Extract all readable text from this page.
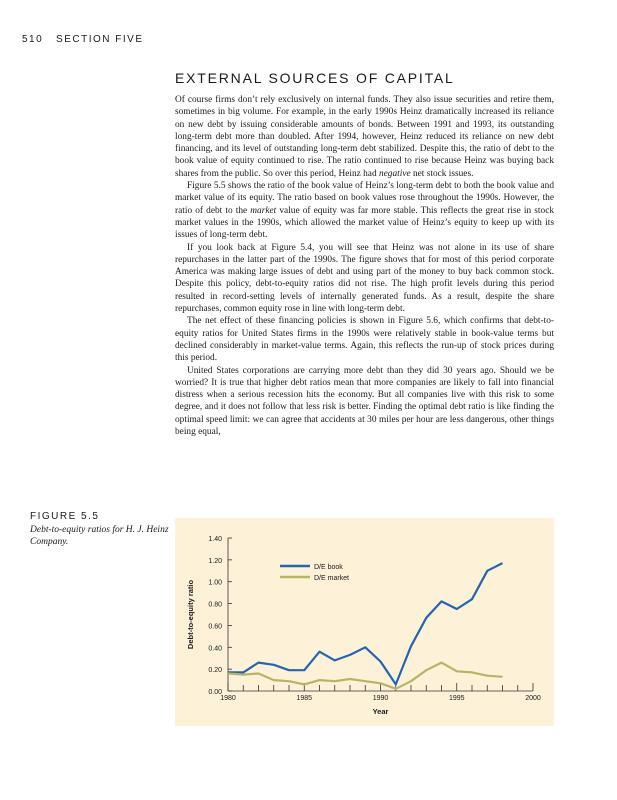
510 SECTION FIVE
EXTERNAL SOURCES OF CAPITAL

Of course firms don’t rely exclusively on internal funds. They also issue securities and retire them, sometimes in big volume. For example, in the early 1990s Heinz dramatically increased its reliance on new debt by issuing considerable amounts of bonds. Between 1991 and 1993, its outstanding long-term debt more than doubled. After 1994, however, Heinz reduced its reliance on new debt financing, and its level of outstanding long-term debt stabilized. Despite this, the ratio of debt to the book value of equity continued to rise. The ratio continued to rise because Heinz was buying back shares from the public. So over this period, Heinz had negative net stock issues.

Figure 5.5 shows the ratio of the book value of Heinz’s long-term debt to both the book value and market value of its equity. The ratio based on book values rose throughout the 1990s. However, the ratio of debt to the market value of equity was far more stable. This reflects the great rise in stock market values in the 1990s, which allowed the market value of Heinz’s equity to keep up with its issues of long-term debt.

If you look back at Figure 5.4, you will see that Heinz was not alone in its use of share repurchases in the latter part of the 1990s. The figure shows that for most of this period corporate America was making large issues of debt and using part of the money to buy back common stock. Despite this policy, debt-to-equity ratios did not rise. The high profit levels during this period resulted in record-setting levels of internally generated funds. As a result, despite the share repurchases, common equity rose in line with long-term debt.

The net effect of these financing policies is shown in Figure 5.6, which confirms that debt-to-equity ratios for United States firms in the 1990s were relatively stable in book-value terms but declined considerably in market-value terms. Again, this reflects the run-up of stock prices during this period.

United States corporations are carrying more debt than they did 30 years ago. Should we be worried? It is true that higher debt ratios mean that more companies are likely to fall into financial distress when a serious recession hits the economy. But all companies live with this risk to some degree, and it does not follow that less risk is better. Finding the optimal debt ratio is like finding the optimal speed limit: we can agree that accidents at 30 miles per hour are less dangerous, other things being equal,

FIGURE 5.5
Debt-to-equity ratios for H. J. Heinz Company.
0.00
0.20
0.40
0.60
0.80
1.00
1.20
1.40
1980	1985	1990	1995	2000
Year
Debt-to-equity ratio
D/E book
D/E market
